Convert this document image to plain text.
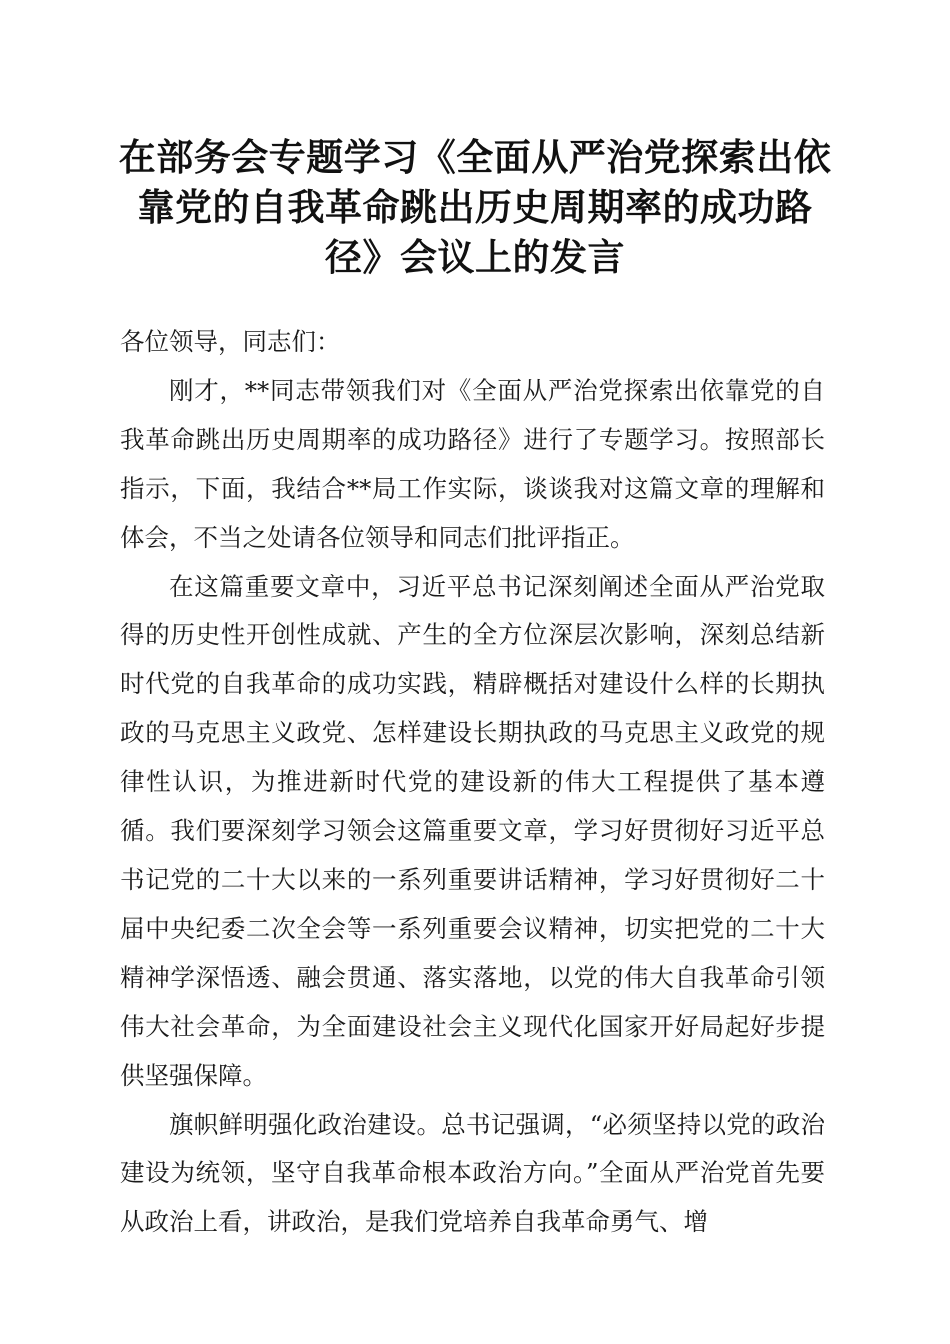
在部务会专题学习《全面从严治党探索出依靠党的自我革命跳出历史周期率的成功路径》会议上的发言

各位领导，同志们：

刚才，**同志带领我们对《全面从严治党探索出依靠党的自我革命跳出历史周期率的成功路径》进行了专题学习。按照部长指示，下面，我结合**局工作实际，谈谈我对这篇文章的理解和体会，不当之处请各位领导和同志们批评指正。

在这篇重要文章中，习近平总书记深刻阐述全面从严治党取得的历史性开创性成就、产生的全方位深层次影响，深刻总结新时代党的自我革命的成功实践，精辟概括对建设什么样的长期执政的马克思主义政党、怎样建设长期执政的马克思主义政党的规律性认识，为推进新时代党的建设新的伟大工程提供了基本遵循。我们要深刻学习领会这篇重要文章，学习好贯彻好习近平总书记党的二十大以来的一系列重要讲话精神，学习好贯彻好二十届中央纪委二次全会等一系列重要会议精神，切实把党的二十大精神学深悟透、融会贯通、落实落地，以党的伟大自我革命引领伟大社会革命，为全面建设社会主义现代化国家开好局起好步提供坚强保障。

旗帜鲜明强化政治建设。总书记强调，“必须坚持以党的政治建设为统领，坚守自我革命根本政治方向。”全面从严治党首先要从政治上看，讲政治，是我们党培养自我革命勇气、增
